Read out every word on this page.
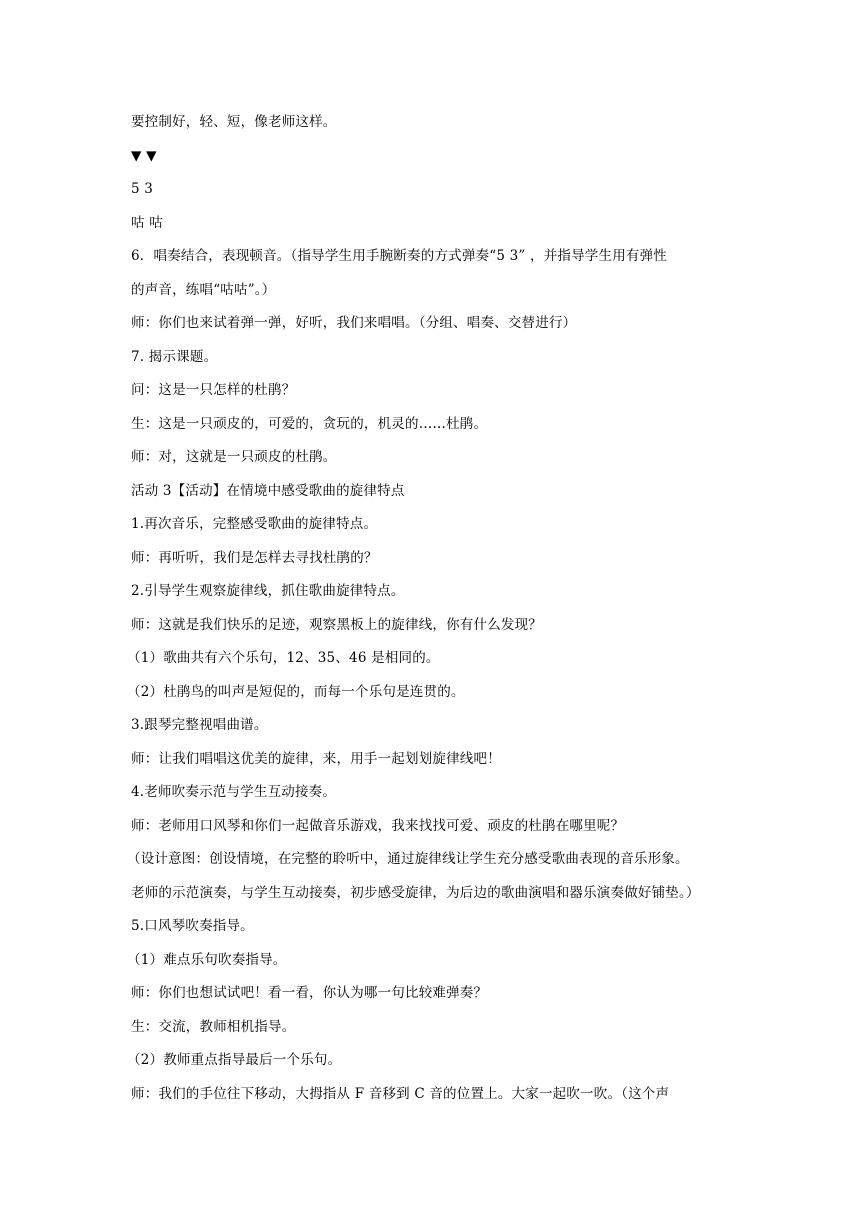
要控制好，轻、短，像老师这样。
▼ ▼
5 3
咕 咕
6．唱奏结合，表现顿音。（指导学生用手腕断奏的方式弹奏“5 3” ，并指导学生用有弹性
的声音，练唱“咕咕”。）
师：你们也来试着弹一弹，好听，我们来唱唱。（分组、唱奏、交替进行）
7. 揭示课题。
问：这是一只怎样的杜鹃？
生：这是一只顽皮的，可爱的，贪玩的，机灵的……杜鹃。
师：对，这就是一只顽皮的杜鹃。
活动 3【活动】在情境中感受歌曲的旋律特点
1.再次音乐，完整感受歌曲的旋律特点。
师：再听听，我们是怎样去寻找杜鹃的？
2.引导学生观察旋律线，抓住歌曲旋律特点。
师：这就是我们快乐的足迹，观察黑板上的旋律线，你有什么发现？
（1）歌曲共有六个乐句，12、35、46 是相同的。
（2）杜鹃鸟的叫声是短促的，而每一个乐句是连贯的。
3.跟琴完整视唱曲谱。
师：让我们唱唱这优美的旋律，来，用手一起划划旋律线吧！
4.老师吹奏示范与学生互动接奏。
师：老师用口风琴和你们一起做音乐游戏，我来找找可爱、顽皮的杜鹃在哪里呢？
（设计意图：创设情境，在完整的聆听中，通过旋律线让学生充分感受歌曲表现的音乐形象。
老师的示范演奏，与学生互动接奏，初步感受旋律，为后边的歌曲演唱和器乐演奏做好铺垫。）
5.口风琴吹奏指导。
（1）难点乐句吹奏指导。
师：你们也想试试吧！看一看，你认为哪一句比较难弹奏？
生：交流，教师相机指导。
（2）教师重点指导最后一个乐句。
师：我们的手位往下移动，大拇指从 F 音移到 C 音的位置上。大家一起吹一吹。（这个声
